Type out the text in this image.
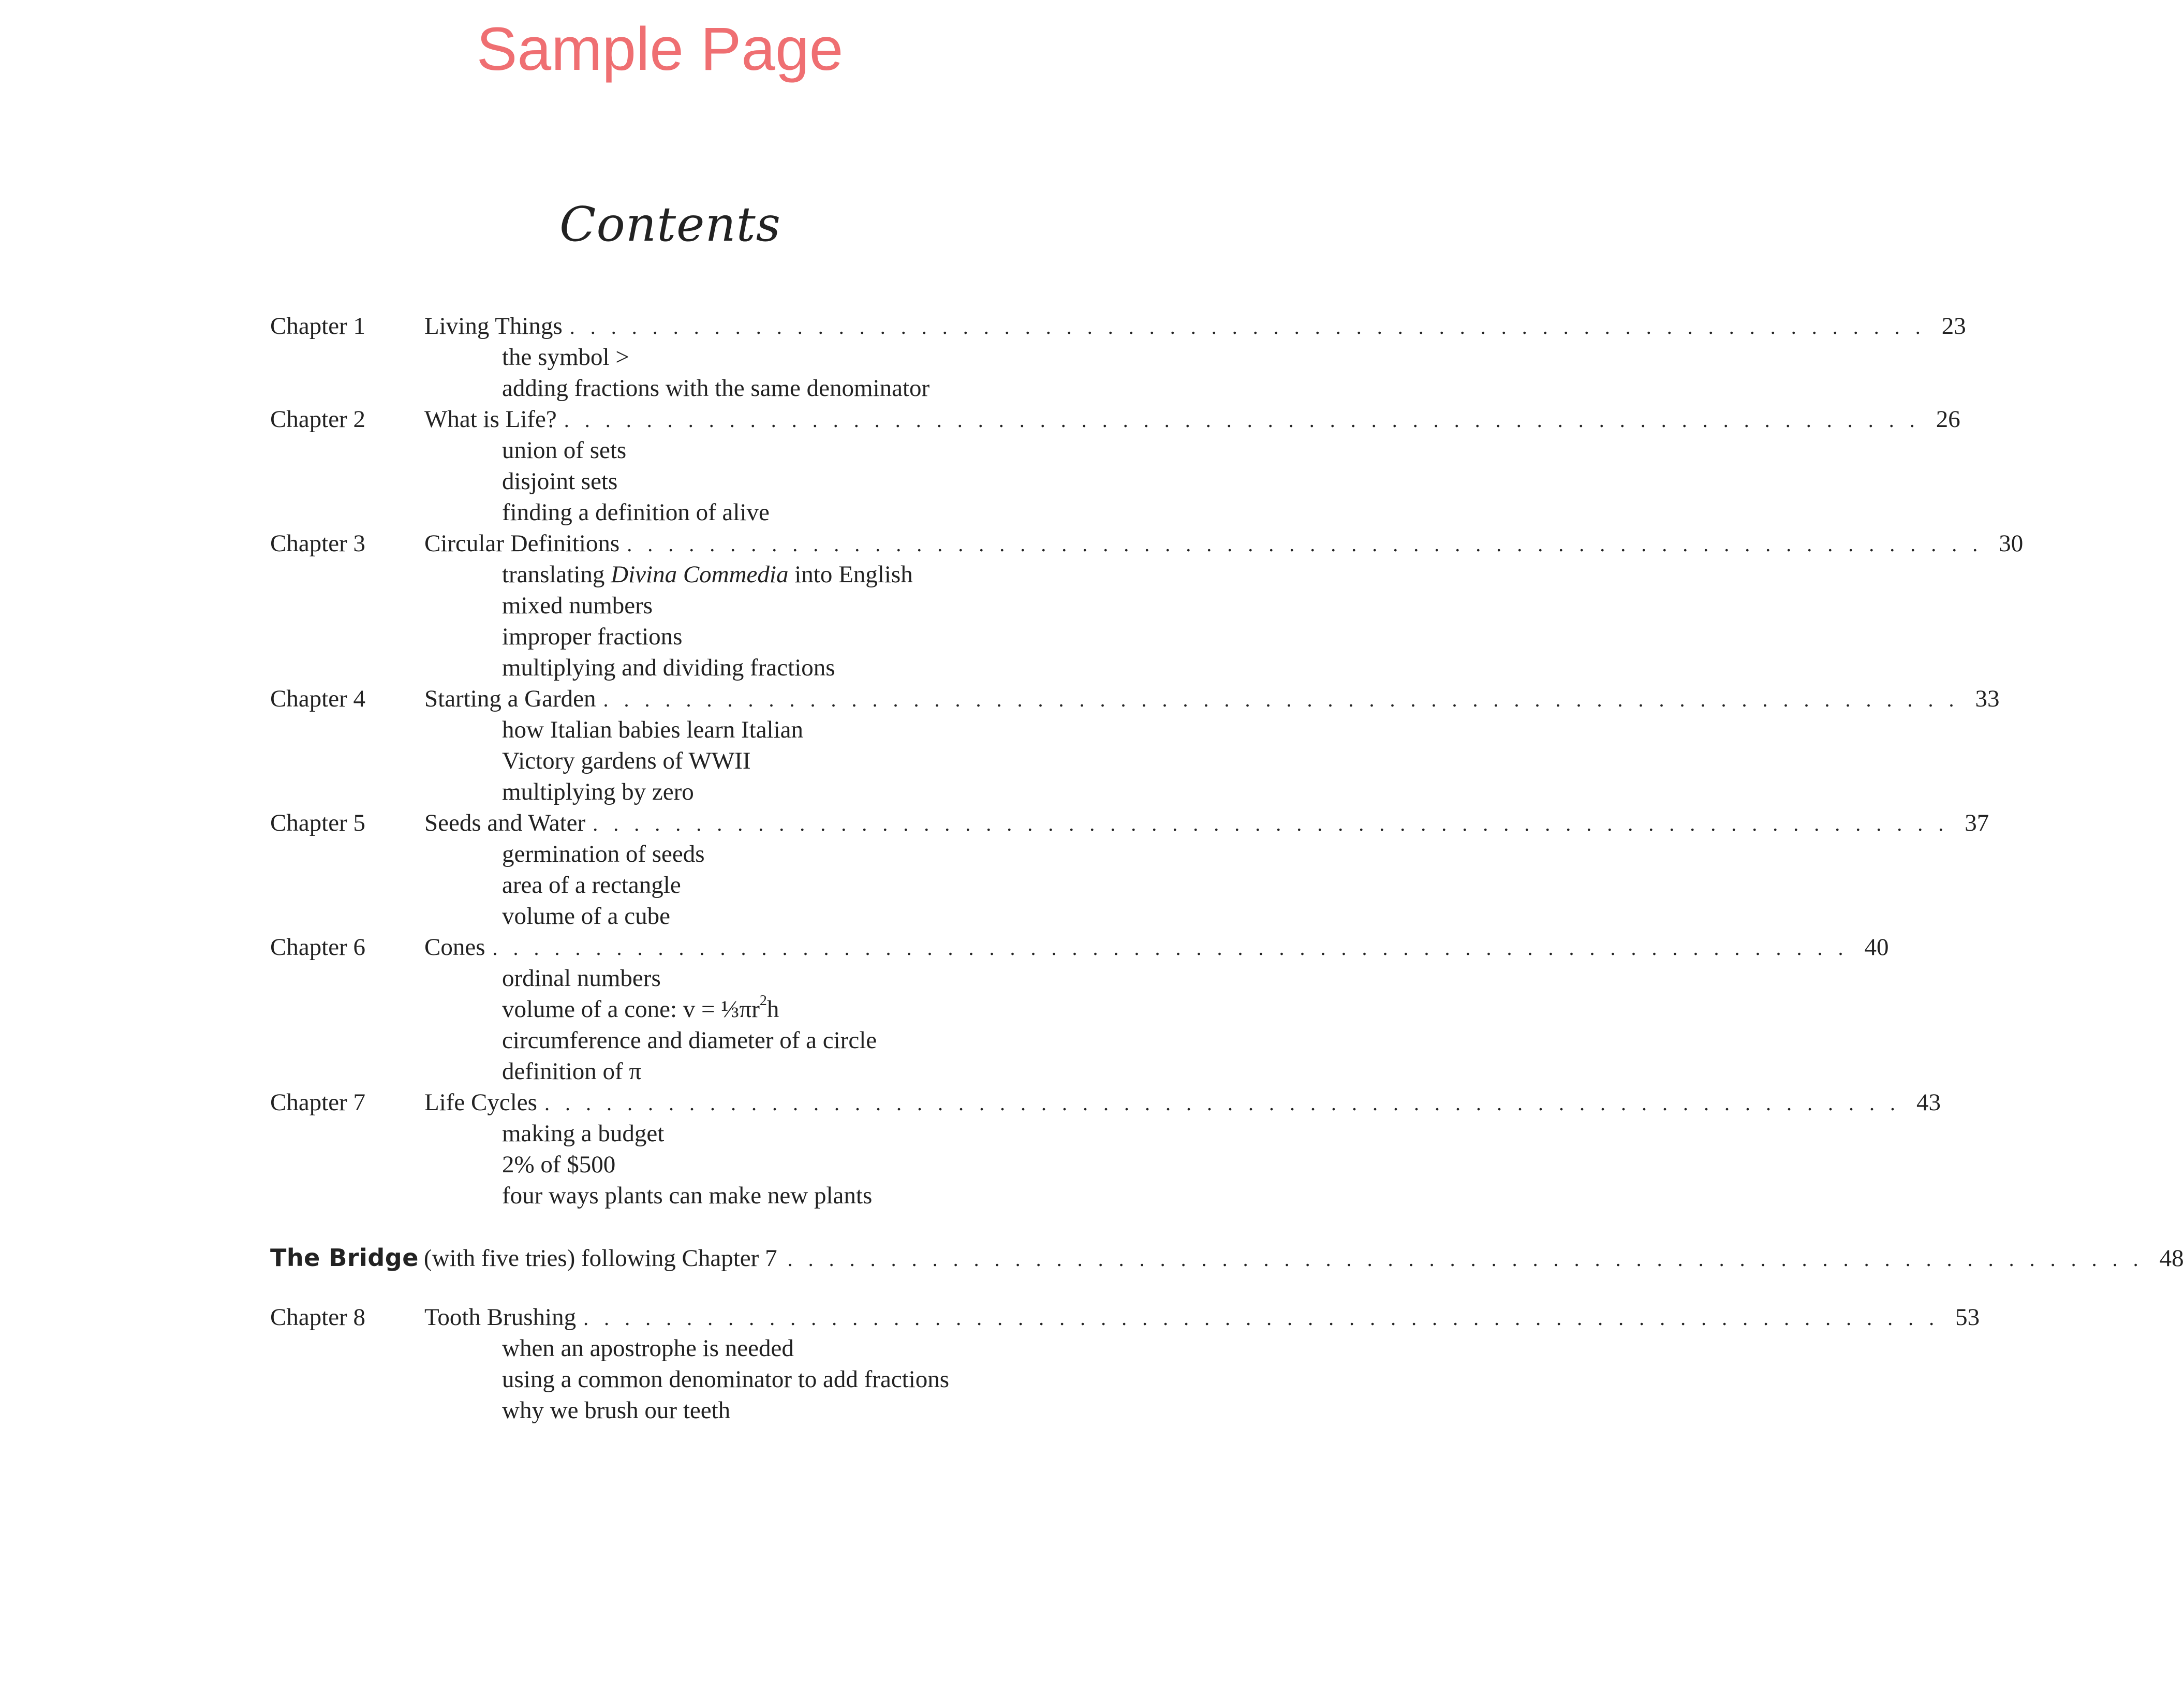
Sample Page
Contents
Chapter 1 Living Things . . . . . . . . . . . . . . . . . . . . . . . . . . . . . . . . . . . . . . . . . . . . . . . . . . . . . . . . . . . . . . . . . . 23
the symbol >
adding fractions with the same denominator
Chapter 2 What is Life? . . . . . . . . . . . . . . . . . . . . . . . . . . . . . . . . . . . . . . . . . . . . . . . . . . . . . . . . . . . . . . . . . . 26
union of sets
disjoint sets
finding a definition of alive
Chapter 3 Circular Definitions . . . . . . . . . . . . . . . . . . . . . . . . . . . . . . . . . . . . . . . . . . . . . . . . . . . . . . . . . . . . . . . . . . 30
translating Divina Commedia into English
mixed numbers
improper fractions
multiplying and dividing fractions
Chapter 4 Starting a Garden . . . . . . . . . . . . . . . . . . . . . . . . . . . . . . . . . . . . . . . . . . . . . . . . . . . . . . . . . . . . . . . . . . 33
how Italian babies learn Italian
Victory gardens of WWII
multiplying by zero
Chapter 5 Seeds and Water . . . . . . . . . . . . . . . . . . . . . . . . . . . . . . . . . . . . . . . . . . . . . . . . . . . . . . . . . . . . . . . . . . 37
germination of seeds
area of a rectangle
volume of a cube
Chapter 6 Cones . . . . . . . . . . . . . . . . . . . . . . . . . . . . . . . . . . . . . . . . . . . . . . . . . . . . . . . . . . . . . . . . . . 40
ordinal numbers
volume of a cone: $v = \frac{1}{3}\pi r^2h$
circumference and diameter of a circle
definition of π
Chapter 7 Life Cycles . . . . . . . . . . . . . . . . . . . . . . . . . . . . . . . . . . . . . . . . . . . . . . . . . . . . . . . . . . . . . . . . . . 43
making a budget
2% of $500
four ways plants can make new plants
The Bridge (with five tries) following Chapter 7 . . . . . . . . . . . . . . . . . . . . . . . . . . . . . . . . . . . . . . . . . . . . . . . . . . . . . . . . . . . . . . . . . . 48
Chapter 8 Tooth Brushing . . . . . . . . . . . . . . . . . . . . . . . . . . . . . . . . . . . . . . . . . . . . . . . . . . . . . . . . . . . . . . . . . . 53
when an apostrophe is needed
using a common denominator to add fractions
why we brush our teeth
